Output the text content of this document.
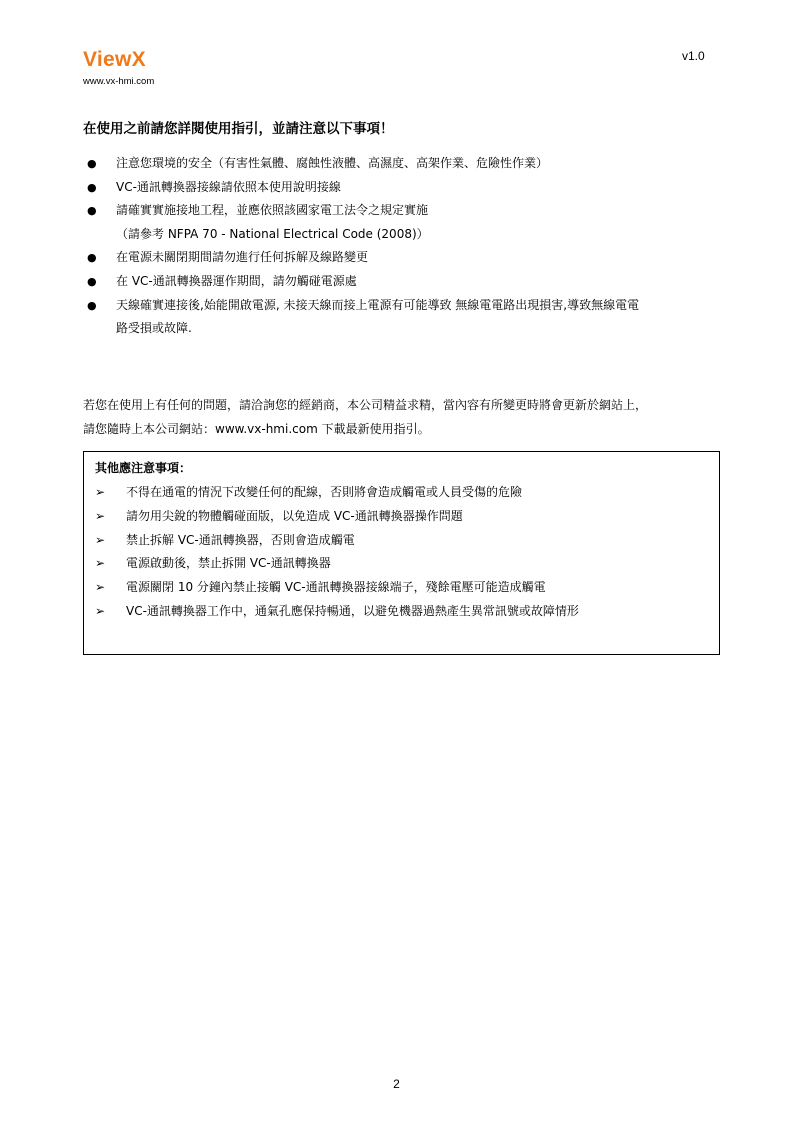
ViewX
www.vx-hmi.com
v1.0
在使用之前請您詳閱使用指引，並請注意以下事項！
● 注意您環境的安全（有害性氣體、腐蝕性液體、高濕度、高架作業、危險性作業）
● VC-通訊轉換器接線請依照本使用說明接線
● 請確實實施接地工程，並應依照該國家電工法令之規定實施
（請參考 NFPA 70 - National Electrical Code (2008)）
● 在電源未關閉期間請勿進行任何拆解及線路變更
● 在 VC-通訊轉換器運作期間，請勿觸碰電源處
● 天線確實連接後,始能開啟電源, 未接天線而接上電源有可能導致 無線電電路出現損害,導致無線電電
路受損或故障.
若您在使用上有任何的問題，請洽詢您的經銷商，本公司精益求精，當內容有所變更時將會更新於網站上，
請您隨時上本公司網站：www.vx-hmi.com 下載最新使用指引。
其他應注意事項：
➢ 不得在通電的情況下改變任何的配線，否則將會造成觸電或人員受傷的危險
➢ 請勿用尖銳的物體觸碰面版，以免造成 VC-通訊轉換器操作問題
➢ 禁止拆解 VC-通訊轉換器，否則會造成觸電
➢ 電源啟動後，禁止拆開 VC-通訊轉換器
➢ 電源關閉 10 分鐘內禁止接觸 VC-通訊轉換器接線端子，殘餘電壓可能造成觸電
➢ VC-通訊轉換器工作中，通氣孔應保持暢通，以避免機器過熱產生異常訊號或故障情形
2
